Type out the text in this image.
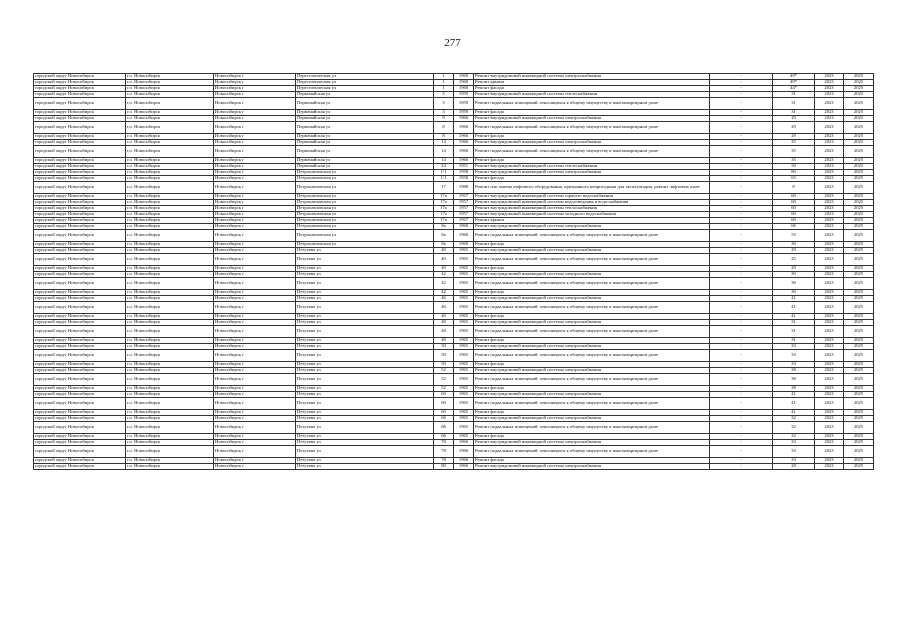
277
городской округ Новосибирск	г.о. Новосибирск	Новосибирск г	Переселенческая ул	1	1960	Ремонт внутридомовой инженерной системы электроснабжения	-	49*	2023	2025
городской округ Новосибирск	г.о. Новосибирск	Новосибирск г	Переселенческая ул	1	1960	Ремонт крыши	-	49*	2023	2025
городской округ Новосибирск	г.о. Новосибирск	Новосибирск г	Переселенческая ул	1	1960	Ремонт фасада	-	44*	2023	2025
городской округ Новосибирск	г.о. Новосибирск	Новосибирск г	Первомайская ул	3	1959	Ремонт внутридомовой инженерной системы теплоснабжения	-	31	2023	2025
городской округ Новосибирск	г.о. Новосибирск	Новосибирск г	Первомайская ул	3	1959	Ремонт подвальных помещений, относящихся к общему имуществу в многоквартирном доме	-	31	2023	2025
городской округ Новосибирск	г.о. Новосибирск	Новосибирск г	Первомайская ул	3	1959	Ремонт фасада	-	31	2023	2025
городской округ Новосибирск	г.о. Новосибирск	Новосибирск г	Первомайская ул	8	1966	Ремонт внутридомовой инженерной системы электроснабжения	-	29	2023	2025
городской округ Новосибирск	г.о. Новосибирск	Новосибирск г	Первомайская ул	8	1966	Ремонт подвальных помещений, относящихся к общему имуществу в многоквартирном доме	-	29	2023	2025
городской округ Новосибирск	г.о. Новосибирск	Новосибирск г	Первомайская ул	8	1966	Ремонт фасада	-	29	2023	2025
городской округ Новосибирск	г.о. Новосибирск	Новосибирск г	Первомайская ул	14	1966	Ремонт внутридомовой инженерной системы электроснабжения	-	35	2023	2025
городской округ Новосибирск	г.о. Новосибирск	Новосибирск г	Первомайская ул	14	1966	Ремонт подвальных помещений, относящихся к общему имуществу в многоквартирном доме	-	35	2023	2025
городской округ Новосибирск	г.о. Новосибирск	Новосибирск г	Первомайская ул	14	1966	Ремонт фасада	-	35	2023	2025
городской округ Новосибирск	г.о. Новосибирск	Новосибирск г	Первомайская ул	3/2	1951	Ремонт внутридомовой инженерной системы теплоснабжения	-	50	2023	2025
городской округ Новосибирск	г.о. Новосибирск	Новосибирск г	Петропавловская ул	1/1	1958	Ремонт внутридомовой инженерной системы электроснабжения	-	80	2023	2025
городской округ Новосибирск	г.о. Новосибирск	Новосибирск г	Петропавловская ул	1/1	1958	Ремонт фасада	-	65	2023	2025
городской округ Новосибирск	г.о. Новосибирск	Новосибирск г	Петропавловская ул	17	1988	Ремонт или замена лифтового оборудования, признанного непригодным для эксплуатации, ремонт лифтовых шахт	-	8	2023	2025
городской округ Новосибирск	г.о. Новосибирск	Новосибирск г	Петропавловская ул	17а	1957	Ремонт внутридомовой инженерной системы горячего водоснабжения	-	60	2023	2025
городской округ Новосибирск	г.о. Новосибирск	Новосибирск г	Петропавловская ул	17а	1957	Ремонт внутридомовой инженерной системы водоотведения и водоснабжения	-	60	2023	2025
городской округ Новосибирск	г.о. Новосибирск	Новосибирск г	Петропавловская ул	17а	1957	Ремонт внутридомовой инженерной системы теплоснабжения	-	60	2023	2025
городской округ Новосибирск	г.о. Новосибирск	Новосибирск г	Петропавловская ул	17а	1957	Ремонт внутридомовой инженерной системы холодного водоснабжения	-	60	2023	2025
городской округ Новосибирск	г.о. Новосибирск	Новосибирск г	Петропавловская ул	17а	1957	Ремонт крыши	-	60	2023	2025
городской округ Новосибирск	г.о. Новосибирск	Новосибирск г	Петропавловская ул	8а	1960	Ремонт внутридомовой инженерной системы электроснабжения	-	66	2023	2025
городской округ Новосибирск	г.о. Новосибирск	Новосибирск г	Петропавловская ул	8а	1960	Ремонт подвальных помещений, относящихся к общему имуществу в многоквартирном доме	-	55	2023	2025
городской округ Новосибирск	г.о. Новосибирск	Новосибирск г	Петропавловская ул	8а	1960	Ремонт фасада	-	30	2023	2025
городской округ Новосибирск	г.о. Новосибирск	Новосибирск г	Петухова ул	40	1965	Ремонт внутридомовой инженерной системы электроснабжения	-	29	2023	2025
городской округ Новосибирск	г.о. Новосибирск	Новосибирск г	Петухова ул	40	1965	Ремонт подвальных помещений, относящихся к общему имуществу в многоквартирном доме	-	25	2023	2025
городской округ Новосибирск	г.о. Новосибирск	Новосибирск г	Петухова ул	40	1965	Ремонт фасада	-	29	2023	2025
городской округ Новосибирск	г.о. Новосибирск	Новосибирск г	Петухова ул	42	1965	Ремонт внутридомовой инженерной системы электроснабжения	-	30	2023	2025
городской округ Новосибирск	г.о. Новосибирск	Новосибирск г	Петухова ул	42	1965	Ремонт подвальных помещений, относящихся к общему имуществу в многоквартирном доме	-	30	2023	2025
городской округ Новосибирск	г.о. Новосибирск	Новосибирск г	Петухова ул	42	1965	Ремонт фасада	-	30	2023	2025
городской округ Новосибирск	г.о. Новосибирск	Новосибирск г	Петухова ул	46	1965	Ремонт внутридомовой инженерной системы электроснабжения	-	41	2023	2025
городской округ Новосибирск	г.о. Новосибирск	Новосибирск г	Петухова ул	46	1965	Ремонт подвальных помещений, относящихся к общему имуществу в многоквартирном доме	-	41	2023	2025
городской округ Новосибирск	г.о. Новосибирск	Новосибирск г	Петухова ул	46	1965	Ремонт фасада	-	41	2023	2025
городской округ Новосибирск	г.о. Новосибирск	Новосибирск г	Петухова ул	48	1965	Ремонт внутридомовой инженерной системы электроснабжения	-	31	2023	2025
городской округ Новосибирск	г.о. Новосибирск	Новосибирск г	Петухова ул	48	1965	Ремонт подвальных помещений, относящихся к общему имуществу в многоквартирном доме	-	31	2023	2025
городской округ Новосибирск	г.о. Новосибирск	Новосибирск г	Петухова ул	48	1965	Ремонт фасада	-	31	2023	2025
городской округ Новосибирск	г.о. Новосибирск	Новосибирск г	Петухова ул	50	1965	Ремонт внутридомовой инженерной системы электроснабжения	-	33	2023	2025
городской округ Новосибирск	г.о. Новосибирск	Новосибирск г	Петухова ул	50	1965	Ремонт подвальных помещений, относящихся к общему имуществу в многоквартирном доме	-	33	2023	2025
городской округ Новосибирск	г.о. Новосибирск	Новосибирск г	Петухова ул	50	1965	Ремонт фасада	-	33	2023	2025
городской округ Новосибирск	г.о. Новосибирск	Новосибирск г	Петухова ул	52	1965	Ремонт внутридомовой инженерной системы электроснабжения	-	38	2023	2025
городской округ Новосибирск	г.о. Новосибирск	Новосибирск г	Петухова ул	52	1965	Ремонт подвальных помещений, относящихся к общему имуществу в многоквартирном доме	-	38	2023	2025
городской округ Новосибирск	г.о. Новосибирск	Новосибирск г	Петухова ул	52	1965	Ремонт фасада	-	38	2023	2025
городской округ Новосибирск	г.о. Новосибирск	Новосибирск г	Петухова ул	60	1965	Ремонт внутридомовой инженерной системы электроснабжения	-	41	2023	2025
городской округ Новосибирск	г.о. Новосибирск	Новосибирск г	Петухова ул	60	1965	Ремонт подвальных помещений, относящихся к общему имуществу в многоквартирном доме	-	41	2023	2025
городской округ Новосибирск	г.о. Новосибирск	Новосибирск г	Петухова ул	60	1965	Ремонт фасада	-	41	2023	2025
городской округ Новосибирск	г.о. Новосибирск	Новосибирск г	Петухова ул	66	1965	Ремонт внутридомовой инженерной системы электроснабжения	-	32	2023	2025
городской округ Новосибирск	г.о. Новосибирск	Новосибирск г	Петухова ул	66	1965	Ремонт подвальных помещений, относящихся к общему имуществу в многоквартирном доме	-	32	2023	2025
городской округ Новосибирск	г.о. Новосибирск	Новосибирск г	Петухова ул	66	1965	Ремонт фасада	-	32	2023	2025
городской округ Новосибирск	г.о. Новосибирск	Новосибирск г	Петухова ул	78	1966	Ремонт внутридомовой инженерной системы электроснабжения	-	33	2023	2025
городской округ Новосибирск	г.о. Новосибирск	Новосибирск г	Петухова ул	78	1966	Ремонт подвальных помещений, относящихся к общему имуществу в многоквартирном доме	-	33	2023	2025
городской округ Новосибирск	г.о. Новосибирск	Новосибирск г	Петухова ул	78	1966	Ремонт фасада	-	33	2023	2025
городской округ Новосибирск	г.о. Новосибирск	Новосибирск г	Петухова ул	80	1966	Ремонт внутридомовой инженерной системы электроснабжения	-	28	2023	2025
